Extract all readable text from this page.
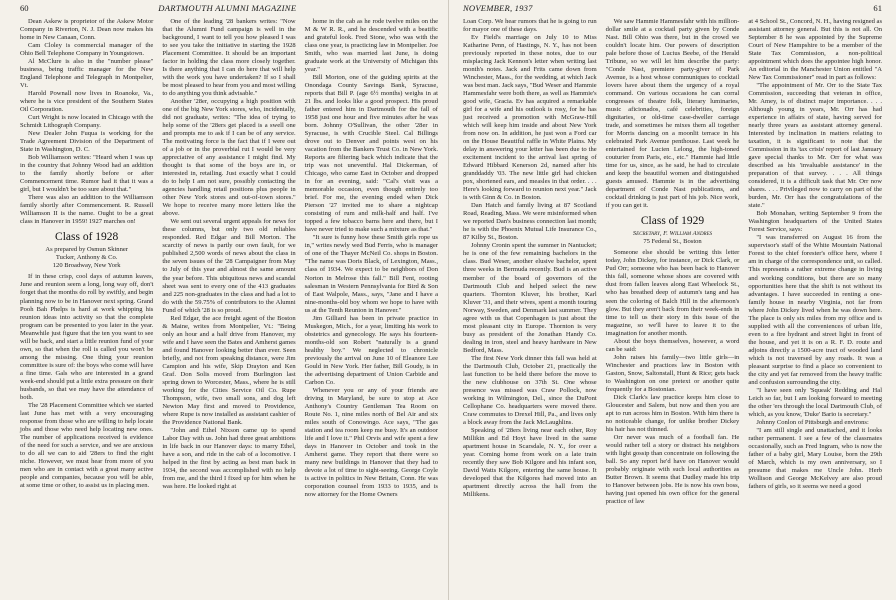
60	DARTMOUTH ALUMNI MAGAZINE

Dean Askew is proprietor of the Askew Motor Company in Riverton, N. J. Dean now makes his home in New Canaan, Conn.

Cam Cloley is commercial manager of the Ohio Bell Telephone Company in Youngstown.

Al McClure is also in the "number please" business, being traffic manager for the New England Telephone and Telegraph in Montpelier, Vt.

Harold Pownall now lives in Roanoke, Va., where he is vice president of the Southern States Oil Corporation.

Curt Wright is now located in Chicago with the Schmidt Lithograph Company.

New Dealer John Fuqua is working for the Trade Agreement Division of the Department of State in Washington, D. C.

Bob Williamson writes: "Heard when I was up in the country that Johnny Wood had an addition to the family shortly before or after Commencement time. Rumor had it that it was a girl, but I wouldn't be too sure about that."

There was also an addition to the Williamson family shortly after Commencement. R. Russell Williamson II is the name. Ought to be a great class in Hanover in 1959! 1927 marches on!

Class of 1928

As prepared by Osmun Skinner

Tucker, Anthony & Co.

120 Broadway, New York

If in these crisp, cool days of autumn leaves, June and reunion seem a long, long way off, don't forget that the months do roll by swiftly, and begin planning now to be in Hanover next spring. Grand Pooh Bah Phelps is hard at work whipping his reunion ideas into activity so that the complete program can be presented to you later in the year. Meanwhile just figure that the ten you want to see will be back, and start a little reunion fund of your own, so that when the roll is called you won't be among the missing. One thing your reunion committee is sure of: the boys who come will have a fine time. Gals who are interested in a grand week-end should put a little extra pressure on their husbands, so that we may have the attendance of both.

The '28 Placement Committee which we started last June has met with a very encouraging response from those who are willing to help locate jobs and those who need help locating new ones. The number of applications received is evidence of the need for such a service, and we are anxious to do all we can to aid '28ers to find the right niche. However, we must hear from more of you men who are in contact with a great many active people and companies, because you will be able, at some time or other, to assist us in placing men.

One of the leading '28 bankers writes: "Now that the Alumni Fund campaign is well in the background, I want to tell you how pleased I was to see you take the initiative in starting the 1928 Placement Committee. It should be an important factor in holding the class more closely together. Is there anything that I can do here that will help with the work you have undertaken? If so I shall be most pleased to hear from you and most willing to do anything you think advisable."

Another '28er, occupying a high position with one of the big New York stores, who, incidentally, did not graduate, writes: "The idea of trying to help some of the '28ers get placed is a swell one and prompts me to ask if I can be of any service. The motivating force is the fact that if I were out of a job or in the proverbial rut I would be very appreciative of any assistance I might find. My thought is that some of the boys are in, or interested in, retailing. Just exactly what I could do to help I am not sure, possibly contacting the agencies handling retail positions plus people in other New York stores and out-of-town stores." We hope to receive many more letters like the above.

We sent out several urgent appeals for news for these columns, but only two old reliables responded. Red Edgar and Bill Morton. The scarcity of news is partly our own fault, for we published 2,500 words of news about the class in the seven issues of the '28 Campaigner from May to July of this year and almost the same amount the year before. This ubiquitous news and scandal sheet was sent to every one of the 413 graduates and 225 non-graduates in the class and had a lot to do with the 59.75% of contributors to the Alumni Fund of which '28 is so proud.

Red Edgar, the ace freight agent of the Boston & Maine, writes from Montpelier, Vt.: "Being only an hour and a half drive from Hanover, my wife and I have seen the Bates and Amherst games and found Hanover looking better than ever. Seen briefly, and not from speaking distance, were Jim Campion and his wife, Skip Drayton and Ken Graf. Don Solis moved from Burlington last spring down to Worcester, Mass., where he is still working for the Cities Service Oil Co. Rupe Thompson, wife, two small sons, and dog left Newton May first and moved to Providence, where Rupe is now installed as assistant cashier of the Providence National Bank.

"John and Ethel Nixson came up to spend Labor Day with us. John had three great ambitions in life back in our Hanover days: to marry Ethel, have a son, and ride in the cab of a locomotive. I helped in the first by acting as best man back in 1934, the second was accomplished with no help from me, and the third I fixed up for him when he was here. He looked right at

home in the cab as he rode twelve miles on the M & W R. R., and he descended with a beatific and grateful look. Fred Stone, who was with the class one year, is practicing law in Montpelier. Joe Smith, who was married last June, is doing graduate work at the University of Michigan this year."

Bill Morton, one of the guiding spirits at the Onondaga County Savings Bank, Syracuse, reports that Bill P. (age 6½ months) weighs in at 21 lbs. and looks like a good prospect. His proud father entered him in Dartmouth for the fall of 1958 just one hour and five minutes after he was born. Johnny O'Sullivan, the other '28er in Syracuse, is with Crucible Steel. Cal Billings drove out to Denver and points west on his vacation from the Bankers Trust Co. in New York. Reports are filtering back which indicate that the trip was not uneventful. Hal Dickerman, of Chicago, who came East in October and dropped in for an evening, said: "Cal's visit was a memorable occasion, even though entirely too brief. For me, the evening ended when Dick Pierson '27 invited me to share a nightcap consisting of rum and milk-half and half. I've topped a few tobacco barns here and there, but I have never tried to make such a mixture as that."

"It sure is funny how these Smith girls rope us in," writes newly wed Bud Ferris, who is manager of one of the Thayer McNeil Co. shops in Boston. "The name was Doris Black, of Lexington, Mass., class of 1934. We expect to be neighbors of Don Norton in Melrose this fall." Bill Fent, rooting salesman in Western Pennsylvania for Bird & Son of East Walpole, Mass., says, "Jane and I have a nine-months-old boy whom we hope to have with us at the Tenth Reunion in Hanover."

Jim Gilliard has been in private practice in Muskegon, Mich., for a year, limiting his work to obstetrics and gynecology. He says his fourteen-months-old son Robert "naturally is a grand healthy boy." We neglected to chronicle previously the arrival on June 10 of Eleanore Lee Gould in New York. Her father, Bill Goudy, is in the advertising department of Union Carbide and Carbon Co.

Whenever you or any of your friends are driving in Maryland, be sure to stop at Ace Anthony's Country Gentleman Tea Room on Route No. 1, nine miles north of Bel Air and six miles south of Conowingo. Ace says, "The gas station and tea room keep me busy. It's an outdoor life and I love it." Phil Orvis and wife spent a few days in Hanover in October and took in the Amherst game. They report that there were so many new buildings in Hanover that they had to devote a lot of time to sight-seeing. George Coyle is active in politics in New Britain, Conn. He was corporation counsel from 1933 to 1935, and is now attorney for the Home Owners

NOVEMBER, 1937	61

Loan Corp. We hear rumors that he is going to run for mayor one of these days.

Ev Field's marriage on July 10 to Miss Katharine Penn, of Hastings, N. Y., has not been previously reported in these notes, due to our misplacing Jack Kennon's letter when writing last month's notes. Jack and Frits came down from Winchester, Mass., for the wedding, at which Jack was best man. Jack says, "Bud Weser and Hammie Hammesfahr were both there, as well as Hammie's good wife, Gracia. Ev has acquired a remarkable girl for a wife and his outlook is rosy, for he has just received a promotion with McGraw-Hill which will keep him inside and about New York from now on. In addition, he just won a Ford car on the House Beautiful raffle in White Plains. My delay in answering your letter has been due to the excitement incident to the arrival last spring of Edward Hibbard Kenerson 2d, named after his granddaddy '03. The new little girl had chicken pox, shortened ears, and measles in that order. . . . Here's looking forward to reunion next year." Jack is with Ginn & Co. in Boston.

Dan Hatch and family living at 87 Scotland Road, Reading, Mass. We were misinformed when we reported Dan's business connection last month; he is with the Phoenix Mutual Life Insurance Co., 87 Kilby St., Boston.

Johnny Cronin spent the summer in Nantucket; he is one of the few remaining bachelors in the class. Bud Weser, another elusive bachelor, spent three weeks in Bermuda recently. Bud is an active member of the board of governors of the Dartmouth Club and helped select the new quarters. Thornton Kluver, his brother, Karl Kluver '31, and their wives, spent a month touring Norway, Sweden, and Denmark last summer. They agree with us that Copenhagen is just about the most pleasant city in Europe. Thornton is very busy as president of the Jonathan Handy Co. dealing in iron, steel and heavy hardware in New Bedford, Mass.

The first New York dinner this fall was held at the Dartmouth Club, October 21, practically the last function to be held there before the move to the new clubhouse on 37th St. One whose presence was missed was Craw Pollock, now working in Wilmington, Del., since the DuPont Cellophane Co. headquarters were moved there. Craw commutes to Drexel Hill, Pa., and lives only a block away from the Jack McLaughlins.

Speaking of '28ers living near each other, Roy Millikin and Ed Hoyt have lived in the same apartment house in Scarsdale, N. Y., for over a year. Coming home from work on a late train recently they saw Bob Kilgore and his infant son, David Watts Kilgore, entering the same house. It developed that the Kilgores had moved into an apartment directly across the hall from the Millikens.

We saw Hammie Hammesfahr with his million-dollar smile at a cocktail party given by Conde Nast. Bill Ohio was there, but in the crowd we couldn't locate him. Our powers of description pale before those of Lucius Beebe, of the Herald Tribune, so we will let him describe the party: "Conde Nast, premiere party-giver of Park Avenue, is a host whose communiques to cocktail lovers have about them the urgency of a royal command. On various occasions he can corral congresses of theatre folk, literary luminaries, music aficionados, café celebrities, foreign dignitaries, or old-time case-dweller carriage trade, and sometimes he mixes them all together for Morris dancing on a moonlit terrace in his celebrated Park Avenue penthouse. Last week he entertained for Lucien Lelong, the high-toned couturier from Paris, etc., etc." Hammie had little time for us, since, as he said, he had to circulate and keep the beautiful women and distinguished guests amused. Hammie is in the advertising department of Conde Nast publications, and cocktail drinking is just part of his job. Nice work, if you can get it.

Class of 1929

Secretary, F. William Andres

75 Federal St., Boston

Someone else should be writing this letter today, John Dickey, for instance, or Dick Clark, or Pud Orr; someone who has been back to Hanover this fall, someone whose shoes are covered with dust from fallen leaves along East Wheelock St., who has breathed deep of autumn's tang and has seen the coloring of Balch Hill in the afternoon's glow. But they aren't back from their week-ends in time to tell us their story in this issue of the magazine, so we'll have to leave it to the imagination for another month.

About the boys themselves, however, a word can be said:

John raises his family—two little girls—in Winchester and practices law in Boston with Gaston, Snow, Saltonstall, Hunt & Rice; gets back to Washington on one pretext or another quite frequently for a Bostonian.

Dick Clark's law practice keeps him close to Gloucester and Salem, but now and then you are apt to run across him in Boston. With him there is no noticeable change, for unlike brother Dickey his hair has not thinned.

Orr never was much of a football fan. He would rather tell a story or distract his neighbors with light gossip than concentrate on following the ball. So any report he'd have on Hanover would probably originate with such local authorities as Butter Brown. It seems that Dudley made his trip to Hanover between jobs. He is now his own boss, having just opened his own office for the general practice of law

at 4 School St., Concord, N. H., having resigned as assistant attorney general. But this is not all. On September 8 he was appointed by the Supreme Court of New Hampshire to be a member of the State Tax Commission, a non-political appointment which does the appointee high honor. An editorial in the Manchester Union entitled "A New Tax Commissioner" read in part as follows:

"The appointment of Mr. Orr to the State Tax Commission, succeeding that veteran in office, Mr. Amey, is of distinct major importance. . . . Although young in years, Mr. Orr has had experience in affairs of state, having served for nearly three years as assistant attorney general. Interested by inclination in matters relating to taxation, it is significant to note that the Commission in its 'tax crisis' report of last January gave special thanks to Mr. Orr for what was described as his 'invaluable assistance' in the preparation of that survey. . . . All things considered, it is a difficult task that Mr. Orr now shares. . . . Privileged now to carry on part of the burden, Mr. Orr has the congratulations of the state."

Bob Monahan, writing September 9 from the Washington headquarters of the United States Forest Service, says:

"I was transferred on August 16 from the supervisor's staff of the White Mountain National Forest to the chief forester's office here, where I am in charge of the correspondence unit, so called. This represents a rather extreme change in living and working conditions, but there are so many opportunities here that the shift is not without its advantages. I have succeeded in renting a one-family house in nearby Virginia, not far from where John Dickey lived when he was down here. The place is only six miles from my office and is supplied with all the conveniences of urban life, even to a fire hydrant and street light in front of the house, and yet it is on a R. F. D. route and adjoins directly a 1500-acre tract of wooded land which is not traversed by any roads. It was a pleasant surprise to find a place so convenient to the city and yet far removed from the heavy traffic and confusion surrounding the city.

"I have seen only 'Squeak' Redding and Hal Leich so far, but I am looking forward to meeting the other 'ers through the local Dartmouth Club, of which, as you know, 'Duke' Bario is secretary."

Johnny Conlon of Pittsburgh and environs:

"I am still single and unattached, and it looks rather permanent. I see a few of the classmates occasionally, such as Fred Ingram, who is now the father of a baby girl, Mary Louise, born the 29th of March, which is my own anniversary, so I presume that makes me Uncle John. Herb Wollison and George McKelvey are also proud fathers of girls, so it seems we need a good
